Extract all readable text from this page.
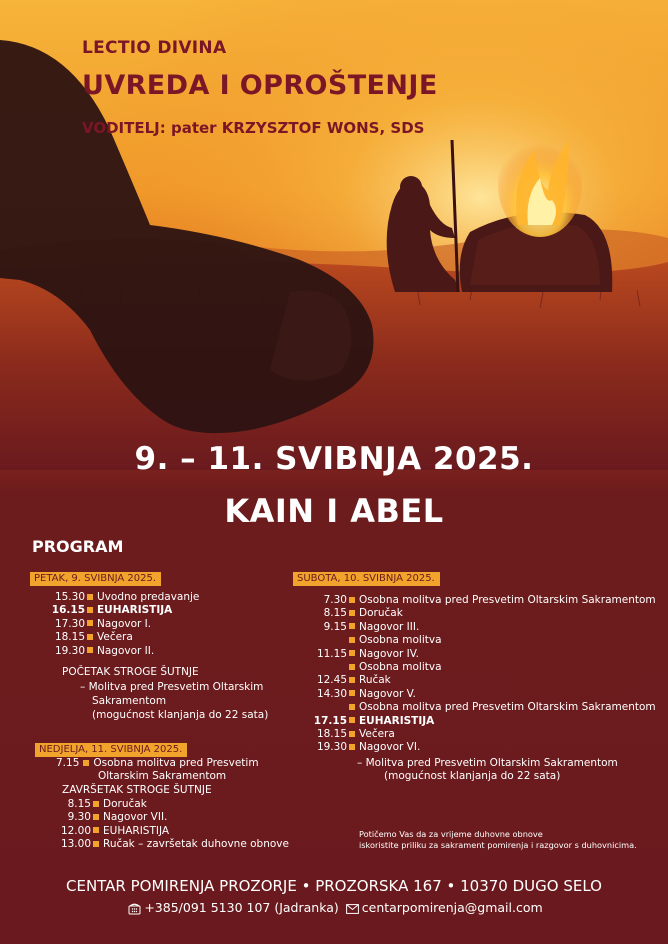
LECTIO DIVINA

UVREDA I OPROŠTENJE

VODITELJ: pater KRZYSZTOF WONS, SDS

9. – 11. SVIBNJA 2025.

KAIN I ABEL

PROGRAM

PETAK, 9. SVIBNJA 2025.
15.30 Uvodno predavanje
16.15 EUHARISTIJA
17.30 Nagovor I.
18.15 Večera
19.30 Nagovor II.

POČETAK STROGE ŠUTNJE

– Molitva pred Presvetim Oltarskim

Sakramentom

(mogućnost klanjanja do 22 sata)

SUBOTA, 10. SVIBNJA 2025.
7.30 Osobna molitva pred Presvetim Oltarskim Sakramentom
8.15 Doručak
9.15 Nagovor III.
Osobna molitva
11.15 Nagovor IV.
Osobna molitva
12.45 Ručak
14.30 Nagovor V.
Osobna molitva pred Presvetim Oltarskim Sakramentom
17.15 EUHARISTIJA
18.15 Večera
19.30 Nagovor VI.

– Molitva pred Presvetim Oltarskim Sakramentom

(mogućnost klanjanja do 22 sata)

NEDJELJA, 11. SVIBNJA 2025.

7.15 Osobna molitva pred Presvetim

Oltarskim Sakramentom

ZAVRŠETAK STROGE ŠUTNJE

8.15 Doručak
9.30 Nagovor VII.
12.00 EUHARISTIJA
13.00 Ručak – završetak duhovne obnove

Potičemo Vas da za vrijeme duhovne obnove
iskoristite priliku za sakrament pomirenja i razgovor s duhovnicima.

CENTAR POMIRENJA PROZORJE • PROZORSKA 167 • 10370 DUGO SELO

+385/091 5130 107 (Jadranka) centarpomirenja@gmail.com
